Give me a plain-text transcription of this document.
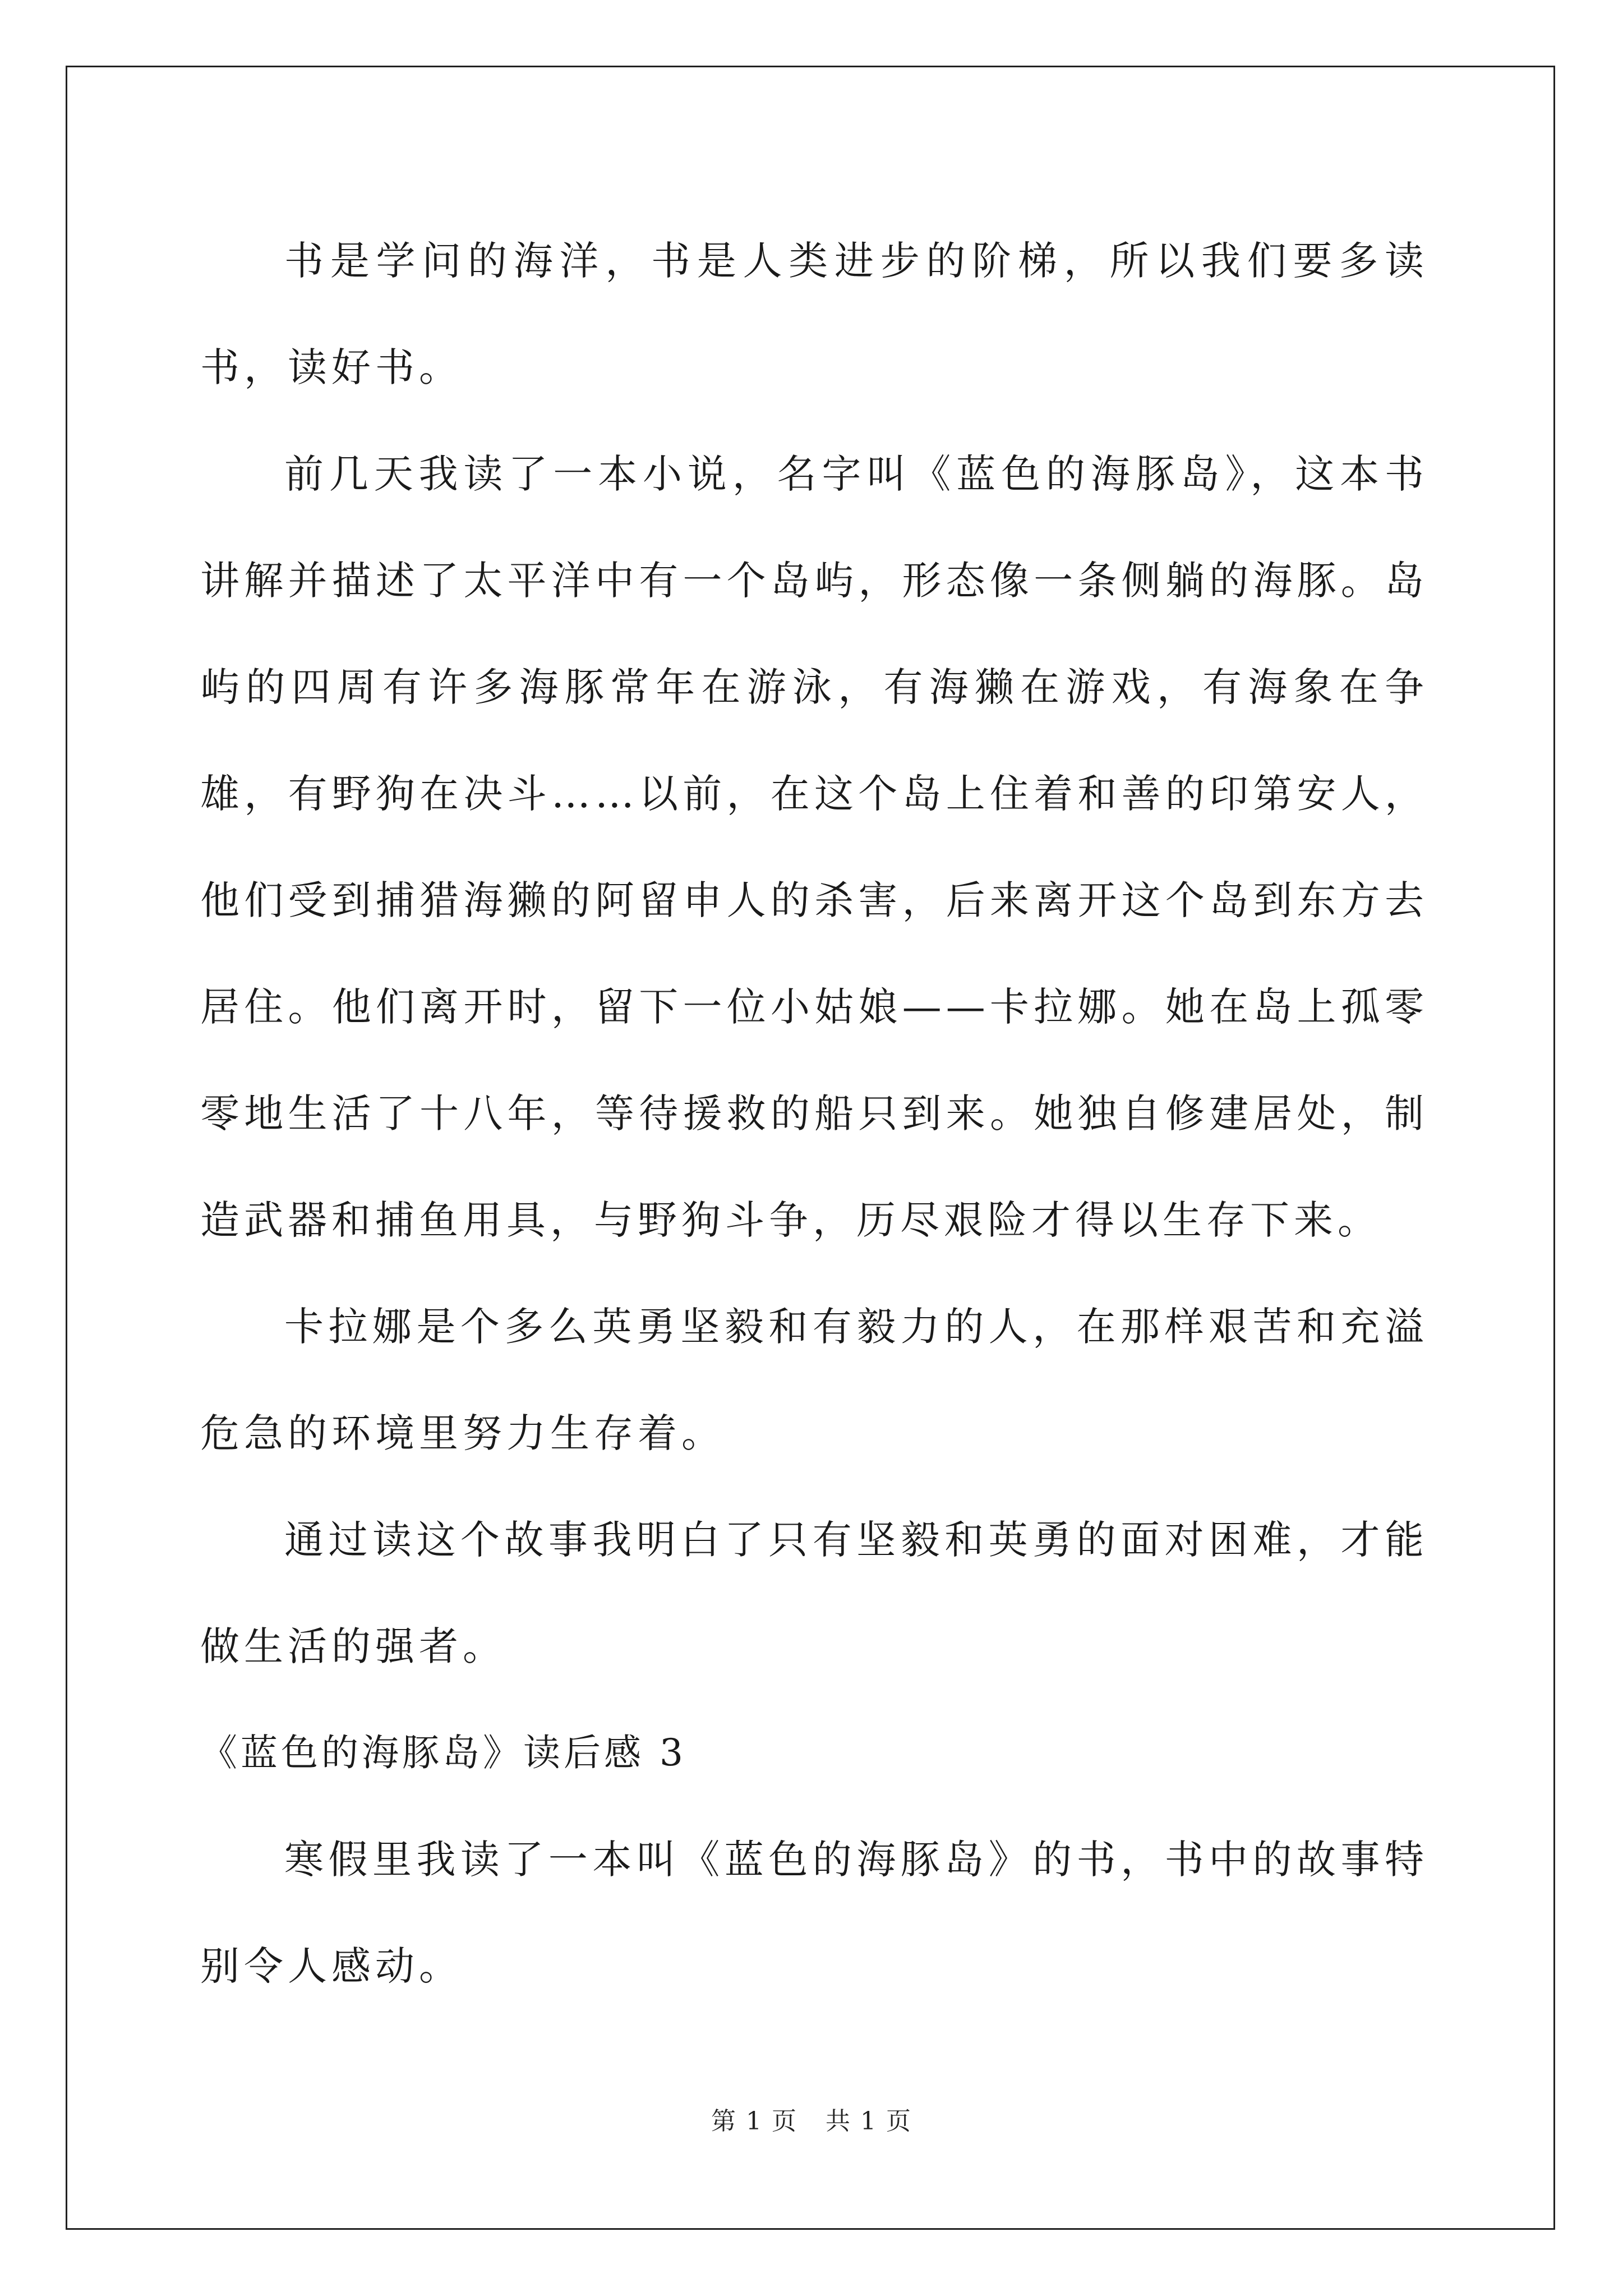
书是学问的海洋，书是人类进步的阶梯，所以我们要多读书，读好书。

前几天我读了一本小说，名字叫《蓝色的海豚岛》，这本书讲解并描述了太平洋中有一个岛屿，形态像一条侧躺的海豚。岛屿的四周有许多海豚常年在游泳，有海獭在游戏，有海象在争雄，有野狗在决斗……以前，在这个岛上住着和善的印第安人，他们受到捕猎海獭的阿留申人的杀害，后来离开这个岛到东方去居住。他们离开时，留下一位小姑娘——卡拉娜。她在岛上孤零零地生活了十八年，等待援救的船只到来。她独自修建居处，制造武器和捕鱼用具，与野狗斗争，历尽艰险才得以生存下来。

卡拉娜是个多么英勇坚毅和有毅力的人，在那样艰苦和充溢危急的环境里努力生存着。

通过读这个故事我明白了只有坚毅和英勇的面对困难，才能做生活的强者。

《蓝色的海豚岛》读后感 3

寒假里我读了一本叫《蓝色的海豚岛》的书，书中的故事特别令人感动。

第 1 页 共 1 页
